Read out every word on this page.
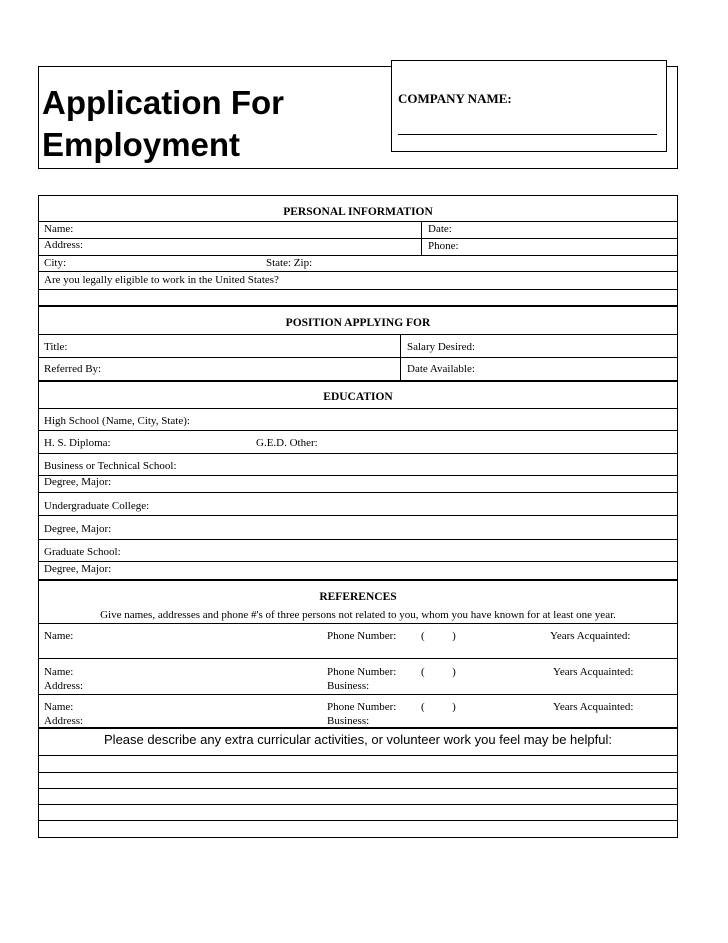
Application For
Employment
COMPANY NAME:
PERSONAL INFORMATION
Name:	Date:
Address:	Phone:
City:	State: Zip:
Are you legally eligible to work in the United States?
POSITION APPLYING FOR
Title:	Salary Desired:
Referred By:	Date Available:
EDUCATION
High School (Name, City, State):
H. S. Diploma:	G.E.D. Other:
Business or Technical School:
Degree, Major:
Undergraduate College:
Degree, Major:
Graduate School:
Degree, Major:
REFERENCES
Give names, addresses and phone #'s of three persons not related to you, whom you have known for at least one year.
Name:	Phone Number: (          )	Years Acquainted:
Name:	Phone Number: (          )	Years Acquainted:
Address:	Business:
Name:	Phone Number: (          )	Years Acquainted:
Address:	Business:
Please describe any extra curricular activities, or volunteer work you feel may be helpful:
